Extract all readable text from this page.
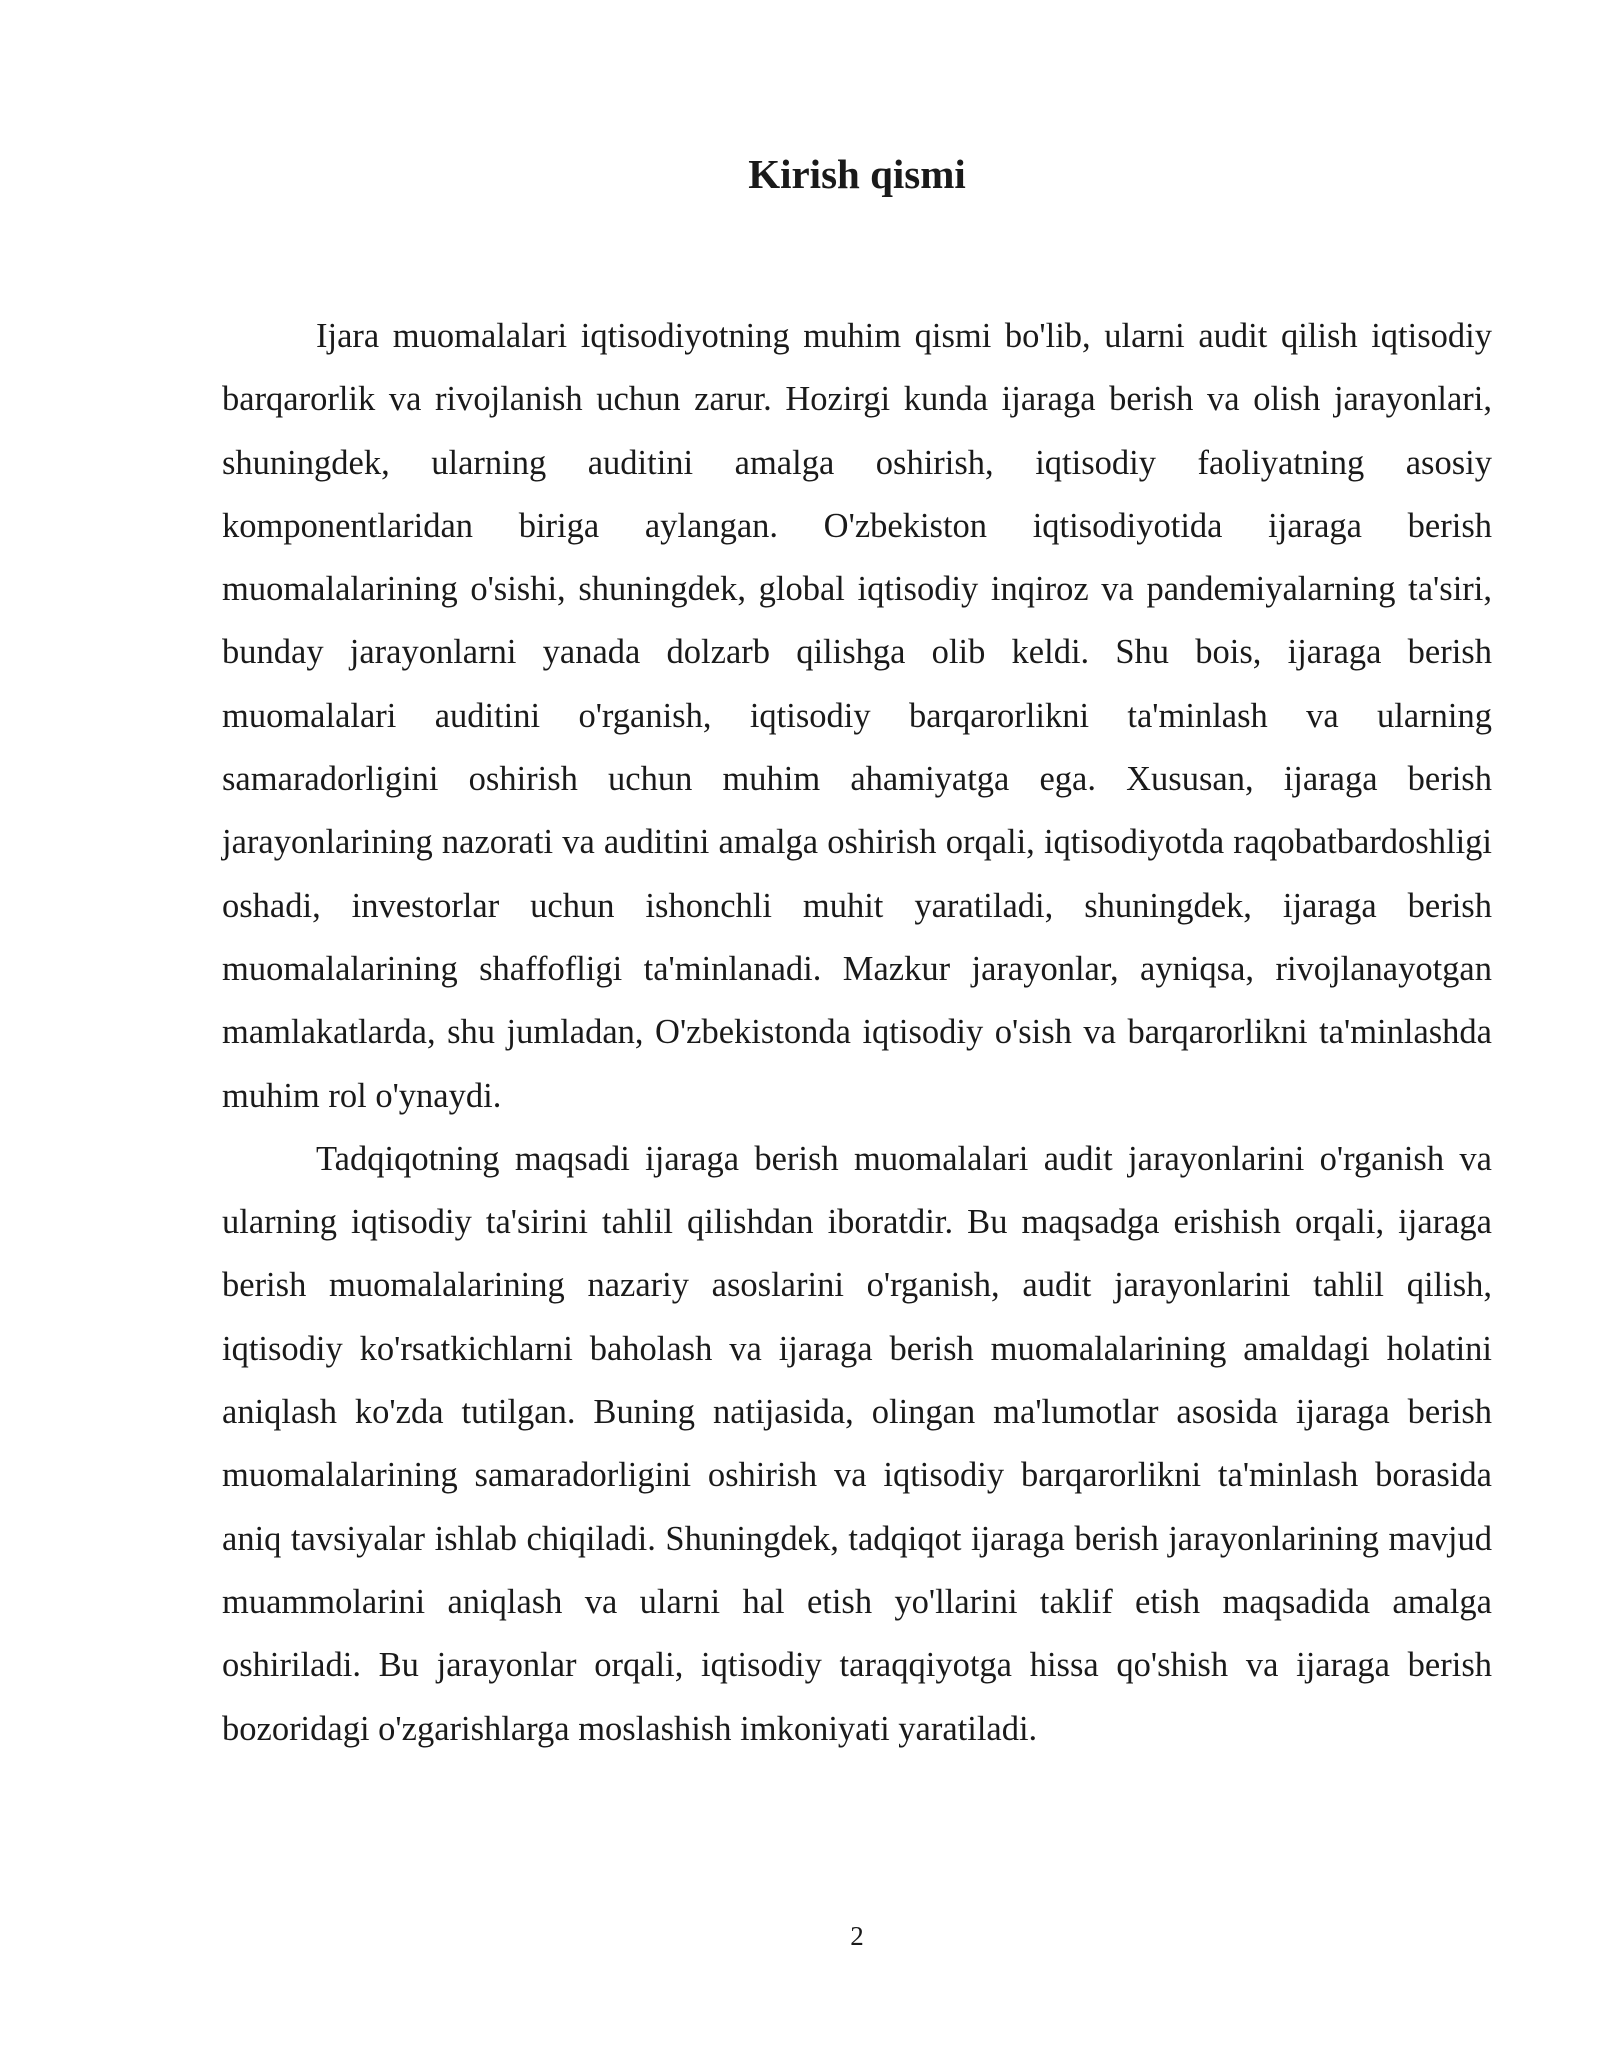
Kirish qismi

Ijara muomalalari iqtisodiyotning muhim qismi bo'lib, ularni audit qilish iqtisodiy barqarorlik va rivojlanish uchun zarur. Hozirgi kunda ijaraga berish va olish jarayonlari, shuningdek, ularning auditini amalga oshirish, iqtisodiy faoliyatning asosiy komponentlaridan biriga aylangan. O'zbekiston iqtisodiyotida ijaraga berish muomalalarining o'sishi, shuningdek, global iqtisodiy inqiroz va pandemiyalarning ta'siri, bunday jarayonlarni yanada dolzarb qilishga olib keldi. Shu bois, ijaraga berish muomalalari auditini o'rganish, iqtisodiy barqarorlikni ta'minlash va ularning samaradorligini oshirish uchun muhim ahamiyatga ega. Xususan, ijaraga berish jarayonlarining nazorati va auditini amalga oshirish orqali, iqtisodiyotda raqobatbardoshligi oshadi, investorlar uchun ishonchli muhit yaratiladi, shuningdek, ijaraga berish muomalalarining shaffofligi ta'minlanadi. Mazkur jarayonlar, ayniqsa, rivojlanayotgan mamlakatlarda, shu jumladan, O'zbekistonda iqtisodiy o'sish va barqarorlikni ta'minlashda muhim rol o'ynaydi.

Tadqiqotning maqsadi ijaraga berish muomalalari audit jarayonlarini o'rganish va ularning iqtisodiy ta'sirini tahlil qilishdan iboratdir. Bu maqsadga erishish orqali, ijaraga berish muomalalarining nazariy asoslarini o'rganish, audit jarayonlarini tahlil qilish, iqtisodiy ko'rsatkichlarni baholash va ijaraga berish muomalalarining amaldagi holatini aniqlash ko'zda tutilgan. Buning natijasida, olingan ma'lumotlar asosida ijaraga berish muomalalarining samaradorligini oshirish va iqtisodiy barqarorlikni ta'minlash borasida aniq tavsiyalar ishlab chiqiladi. Shuningdek, tadqiqot ijaraga berish jarayonlarining mavjud muammolarini aniqlash va ularni hal etish yo'llarini taklif etish maqsadida amalga oshiriladi. Bu jarayonlar orqali, iqtisodiy taraqqiyotga hissa qo'shish va ijaraga berish bozoridagi o'zgarishlarga moslashish imkoniyati yaratiladi.

2
